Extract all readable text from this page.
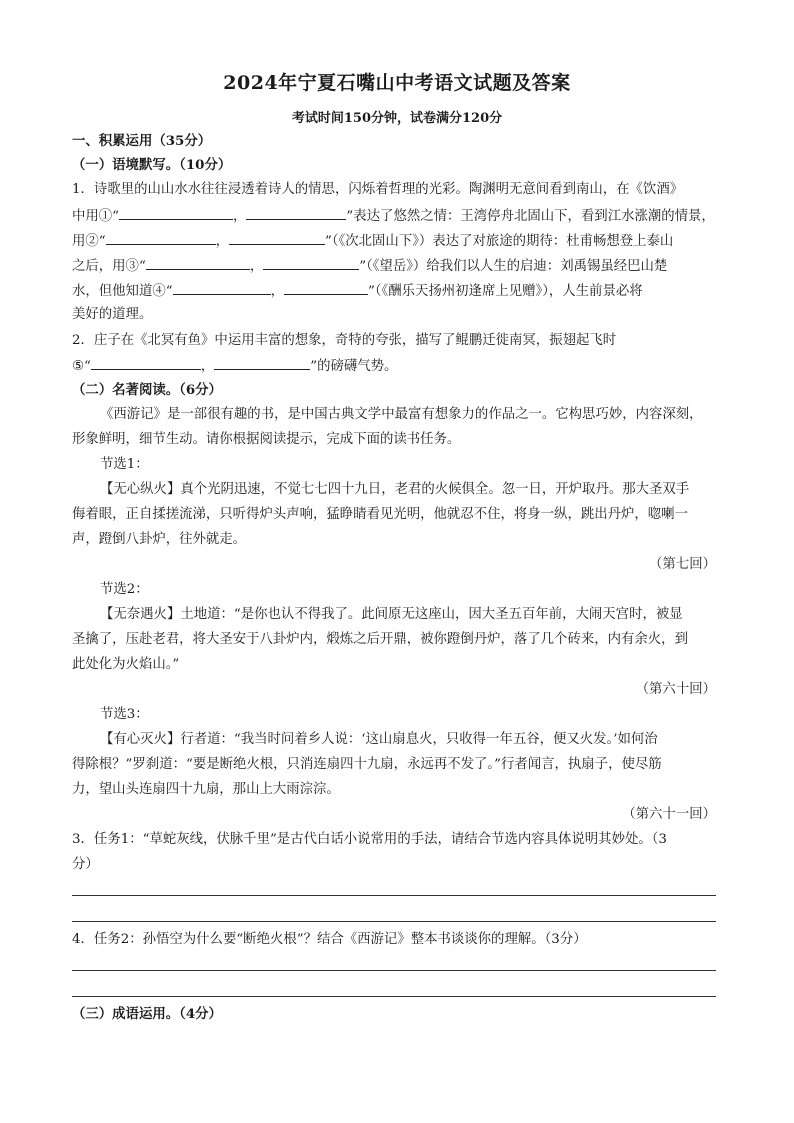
2024年宁夏石嘴山中考语文试题及答案
考试时间150分钟，试卷满分120分
一、积累运用（35分）
（一）语境默写。（10分）
1．诗歌里的山山水水往往浸透着诗人的情思，闪烁着哲理的光彩。陶渊明无意间看到南山，在《饮酒》
中用①“	，	”表达了悠然之情：王湾停舟北固山下，看到江水涨潮的情景，
用②“	，	”（《次北固山下》）表达了对旅途的期待：杜甫畅想登上泰山
之后，用③“	，	”（《望岳》）给我们以人生的启迪：刘禹锡虽经巴山楚
水，但他知道④“	，	”（《酬乐天扬州初逢席上见赠》），人生前景必将
美好的道理。
2．庄子在《北冥有鱼》中运用丰富的想象，奇特的夸张，描写了鲲鹏迁徙南冥，振翅起飞时
⑤“	，	”的磅礴气势。
（二）名著阅读。（6分）
《西游记》是一部很有趣的书，是中国古典文学中最富有想象力的作品之一。它构思巧妙，内容深刻，
形象鲜明，细节生动。请你根据阅读提示，完成下面的读书任务。
节选1：
【无心纵火】真个光阴迅速，不觉七七四十九日，老君的火候俱全。忽一日，开炉取丹。那大圣双手
侮着眼，正自揉搓流涕，只听得炉头声响，猛睁睛看见光明，他就忍不住，将身一纵，跳出丹炉，唿喇一
声，蹬倒八卦炉，往外就走。
（第七回）
节选2：
【无奈遇火】土地道：“是你也认不得我了。此间原无这座山，因大圣五百年前，大闹天宫时，被显
圣擒了，压赴老君，将大圣安于八卦炉内，煅炼之后开鼎，被你蹬倒丹炉，落了几个砖来，内有余火，到
此处化为火焰山。”
（第六十回）
节选3：
【有心灭火】行者道：“我当时问着乡人说：‘这山扇息火，只收得一年五谷，便又火发。’如何治
得除根？”罗刹道：“要是断绝火根，只消连扇四十九扇，永远再不发了。”行者闻言，执扇子，使尽筋
力，望山头连扇四十九扇，那山上大雨淙淙。
（第六十一回）
3．任务1：“草蛇灰线，伏脉千里”是古代白话小说常用的手法，请结合节选内容具体说明其妙处。（3
分）
4．任务2：孙悟空为什么要“断绝火根”？结合《西游记》整本书谈谈你的理解。（3分）
（三）成语运用。（4分）
